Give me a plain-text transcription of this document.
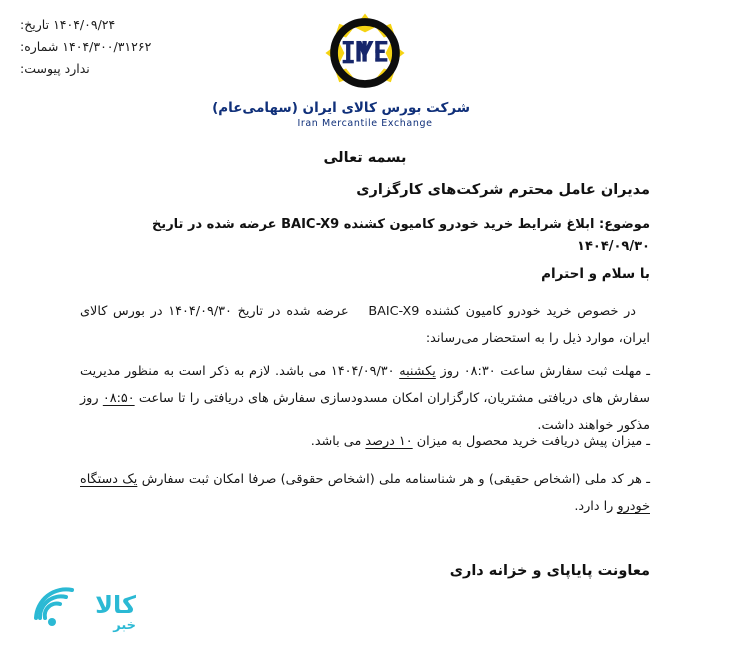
۱۴۰۴/۰۹/۲۴ تاریخ:
۱۴۰۴/۳۰۰/۳۱۲۶۲ شماره:
ندارد پیوست:
شرکت بورس کالای ایران (سهامی‌عام)
Iran Mercantile Exchange
بسمه تعالی
مدیران عامل محترم شرکت‌های کارگزاری
موضوع: ابلاغ شرایط خرید خودرو کامیون کشنده BAIC-X9 عرضه شده در تاریخ ۱۴۰۴/۰۹/۳۰
با سلام و احترام
در خصوص خرید خودرو کامیون کشنده BAIC-X9 عرضه شده در تاریخ ۱۴۰۴/۰۹/۳۰ در بورس کالای ایران، موارد ذیل را به استحضار می‌رساند:
ـ مهلت ثبت سفارش ساعت ۰۸:۳۰ روز یکشنبه ۱۴۰۴/۰۹/۳۰ می باشد. لازم به ذکر است به منظور مدیریت سفارش های دریافتی مشتریان، کارگزاران امکان مسدودسازی سفارش های دریافتی را تا ساعت ۰۸:۵۰ روز مذکور خواهند داشت.
ـ میزان پیش دریافت خرید محصول به میزان ۱۰ درصد می باشد.
ـ هر کد ملی (اشخاص حقیقی) و هر شناسنامه ملی (اشخاص حقوقی) صرفا امکان ثبت سفارش یک دستگاه خودرو را دارد.
معاونت پایاپای و خزانه داری
کالا
خبر
